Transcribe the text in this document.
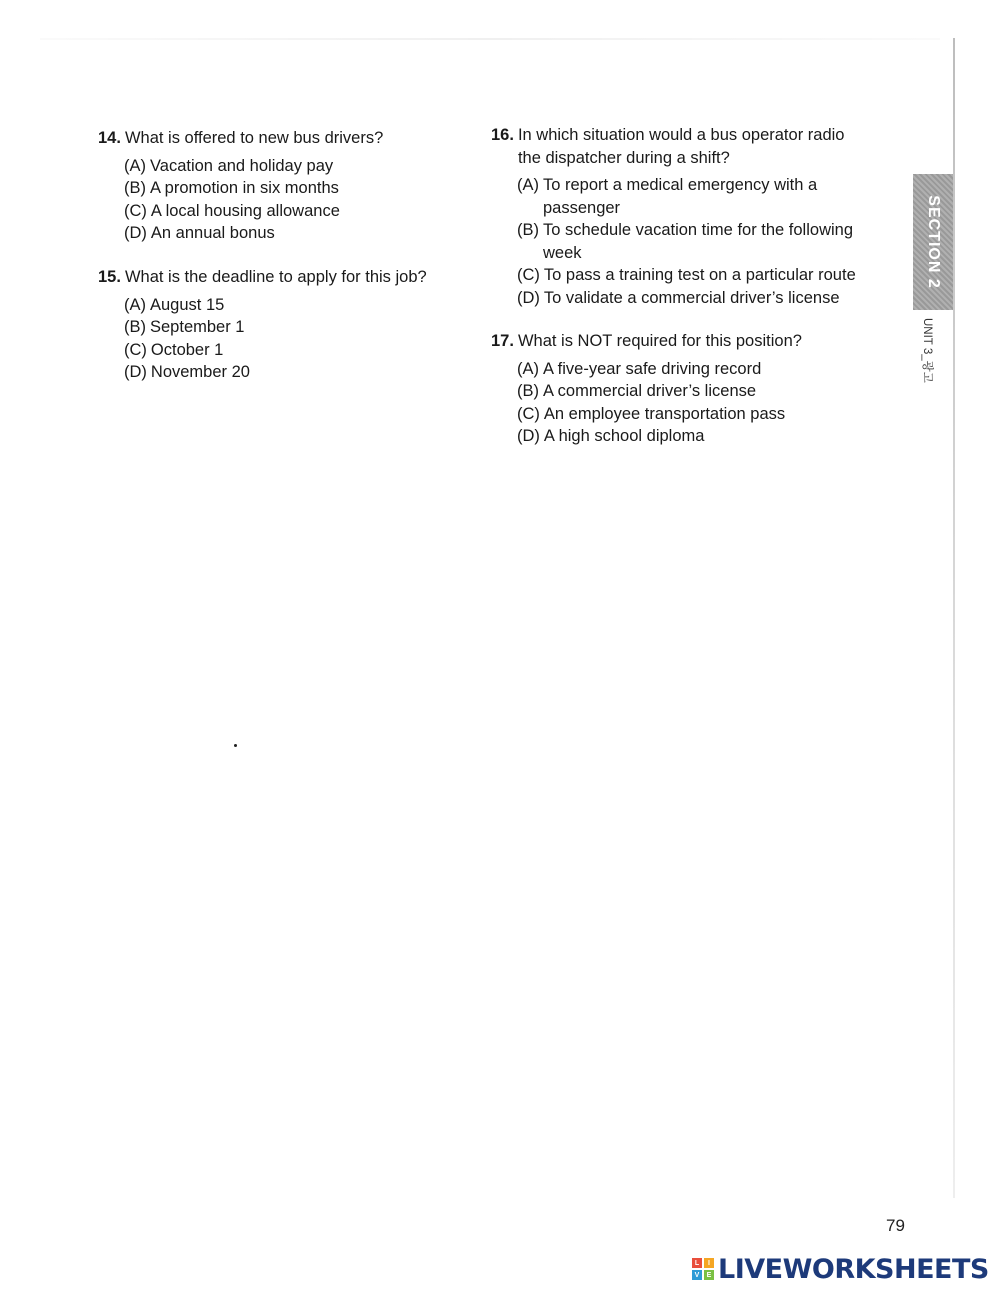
14. What is offered to new bus drivers?
(A) Vacation and holiday pay
(B) A promotion in six months
(C) A local housing allowance
(D) An annual bonus
15. What is the deadline to apply for this job?
(A) August 15
(B) September 1
(C) October 1
(D) November 20
16. In which situation would a bus operator radio the dispatcher during a shift?
(A) To report a medical emergency with a passenger
(B) To schedule vacation time for the following week
(C) To pass a training test on a particular route
(D) To validate a commercial driver’s license
17. What is NOT required for this position?
(A) A five-year safe driving record
(B) A commercial driver’s license
(C) An employee transportation pass
(D) A high school diploma
SECTION 2
UNIT 3_광고
79
L	I
V	E LIVEWORKSHEETS
